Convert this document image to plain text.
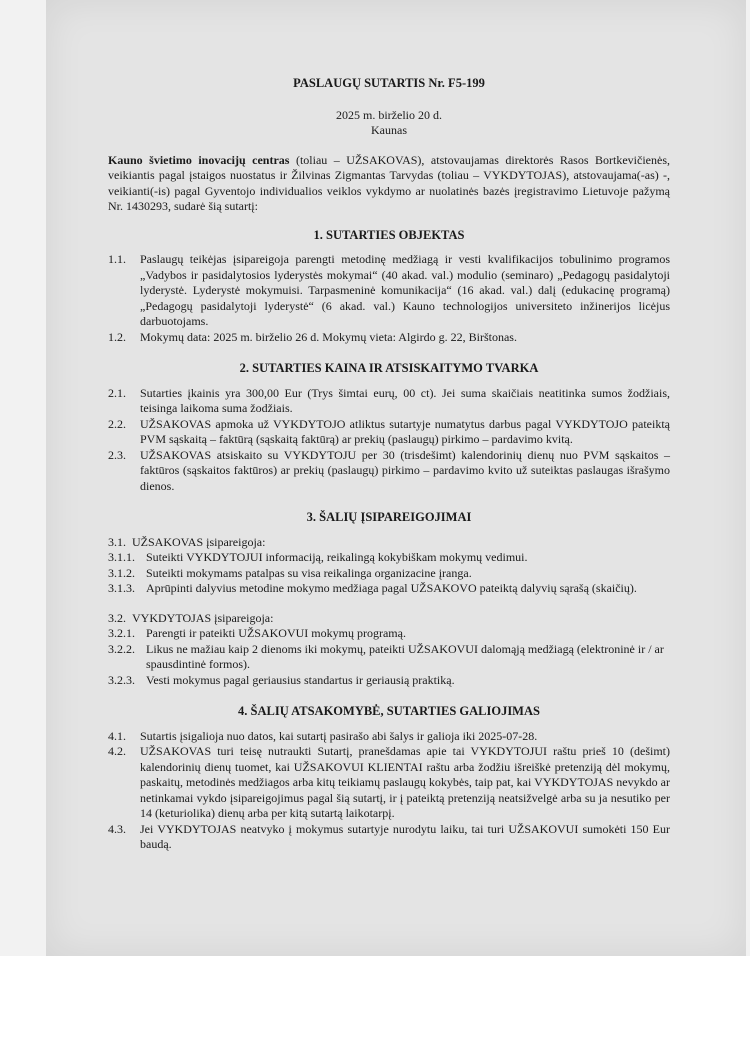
PASLAUGŲ SUTARTIS Nr. F5-199
2025 m. birželio 20 d.
Kaunas
Kauno švietimo inovacijų centras (toliau – UŽSAKOVAS), atstovaujamas direktorės Rasos Bortkevičienės, veikiantis pagal įstaigos nuostatus ir Žilvinas Zigmantas Tarvydas (toliau – VYKDYTOJAS), atstovaujama(-as) -, veikianti(-is) pagal Gyventojo individualios veiklos vykdymo ar nuolatinės bazės įregistravimo Lietuvoje pažymą Nr. 1430293, sudarė šią sutartį:
1. SUTARTIES OBJEKTAS
1.1.	Paslaugų teikėjas įsipareigoja parengti metodinę medžiagą ir vesti kvalifikacijos tobulinimo programos „Vadybos ir pasidalytosios lyderystės mokymai“ (40 akad. val.) modulio (seminaro) „Pedagogų pasidalytoji lyderystė. Lyderystė mokymuisi. Tarpasmeninė komunikacija“ (16 akad. val.) dalį (edukacinę programą) „Pedagogų pasidalytoji lyderystė“ (6 akad. val.) Kauno technologijos universiteto inžinerijos licėjus darbuotojams.
1.2.	Mokymų data: 2025 m. birželio 26 d. Mokymų vieta: Algirdo g. 22, Birštonas.
2. SUTARTIES KAINA IR ATSISKAITYMO TVARKA
2.1.	Sutarties įkainis yra 300,00 Eur (Trys šimtai eurų, 00 ct). Jei suma skaičiais neatitinka sumos žodžiais, teisinga laikoma suma žodžiais.
2.2.	UŽSAKOVAS apmoka už VYKDYTOJO atliktus sutartyje numatytus darbus pagal VYKDYTOJO pateiktą PVM sąskaitą – faktūrą (sąskaitą faktūrą) ar prekių (paslaugų) pirkimo – pardavimo kvitą.
2.3.	UŽSAKOVAS atsiskaito su VYKDYTOJU per 30 (trisdešimt) kalendorinių dienų nuo PVM sąskaitos – faktūros (sąskaitos faktūros) ar prekių (paslaugų) pirkimo – pardavimo kvito už suteiktas paslaugas išrašymo dienos.
3. ŠALIŲ ĮSIPAREIGOJIMAI
3.1. UŽSAKOVAS įsipareigoja:
3.1.1. Suteikti VYKDYTOJUI informaciją, reikalingą kokybiškam mokymų vedimui.
3.1.2. Suteikti mokymams patalpas su visa reikalinga organizacine įranga.
3.1.3. Aprūpinti dalyvius metodine mokymo medžiaga pagal UŽSAKOVO pateiktą dalyvių sąrašą (skaičių).
3.2. VYKDYTOJAS įsipareigoja:
3.2.1. Parengti ir pateikti UŽSAKOVUI mokymų programą.
3.2.2. Likus ne mažiau kaip 2 dienoms iki mokymų, pateikti UŽSAKOVUI dalomąją medžiagą (elektroninė ir / ar spausdintinė formos).
3.2.3. Vesti mokymus pagal geriausius standartus ir geriausią praktiką.
4. ŠALIŲ ATSAKOMYBĖ, SUTARTIES GALIOJIMAS
4.1.	Sutartis įsigalioja nuo datos, kai sutartį pasirašo abi šalys ir galioja iki 2025-07-28.
4.2.	UŽSAKOVAS turi teisę nutraukti Sutartį, pranešdamas apie tai VYKDYTOJUI raštu prieš 10 (dešimt) kalendorinių dienų tuomet, kai UŽSAKOVUI KLIENTAI raštu arba žodžiu išreiškė pretenziją dėl mokymų, paskaitų, metodinės medžiagos arba kitų teikiamų paslaugų kokybės, taip pat, kai VYKDYTOJAS nevykdo ar netinkamai vykdo įsipareigojimus pagal šią sutartį, ir į pateiktą pretenziją neatsižvelgė arba su ja nesutiko per 14 (keturiolika) dienų arba per kitą sutartą laikotarpį.
4.3.	Jei VYKDYTOJAS neatvyko į mokymus sutartyje nurodytu laiku, tai turi UŽSAKOVUI sumokėti 150 Eur baudą.
